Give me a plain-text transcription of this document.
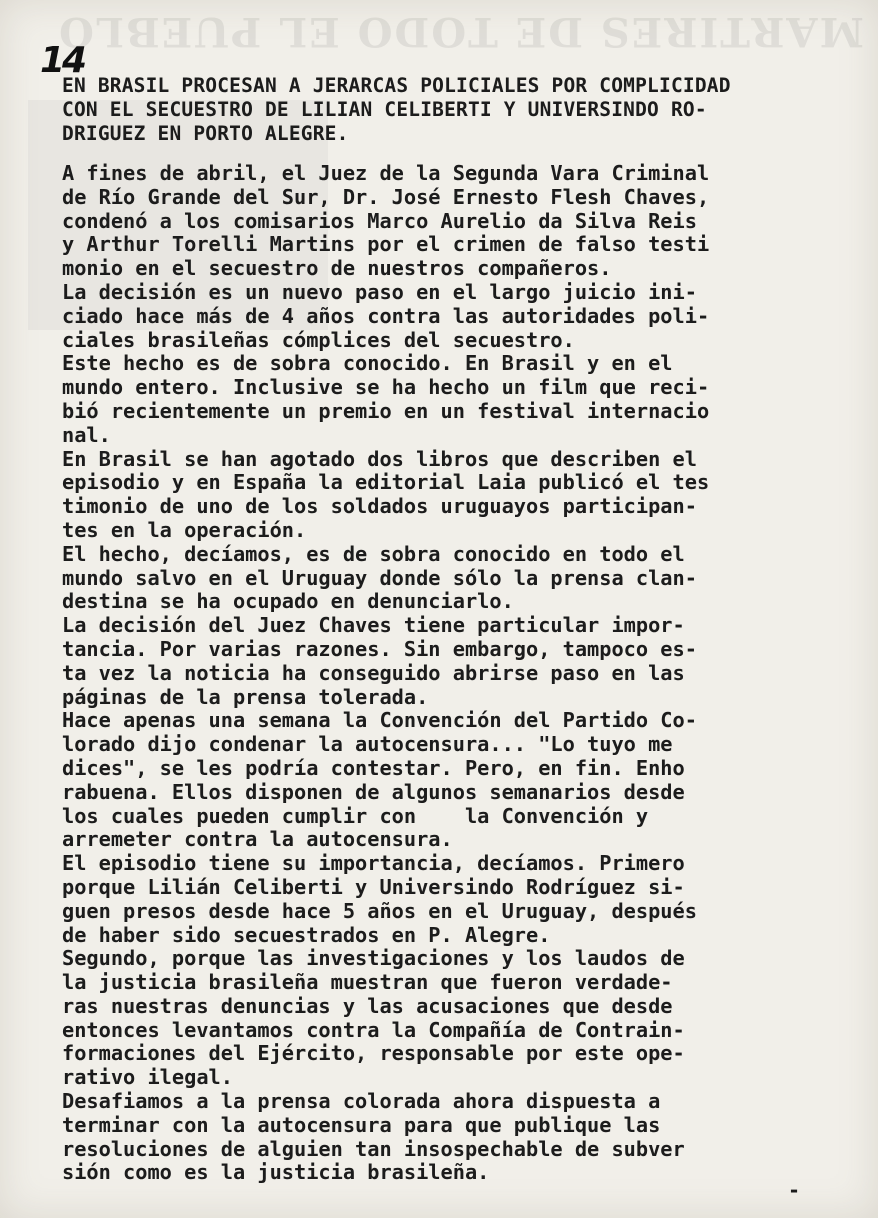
MARTIRES DE TODO EL PUEBLO
14
EN BRASIL PROCESAN A JERARCAS POLICIALES POR COMPLICIDAD
CON EL SECUESTRO DE LILIAN CELIBERTI Y UNIVERSINDO RO-
DRIGUEZ EN PORTO ALEGRE.
A fines de abril, el Juez de la Segunda Vara Criminal
de Río Grande del Sur, Dr. José Ernesto Flesh Chaves,
condenó a los comisarios Marco Aurelio da Silva Reis
y Arthur Torelli Martins por el crimen de falso testi
monio en el secuestro de nuestros compañeros.
La decisión es un nuevo paso en el largo juicio ini-
ciado hace más de 4 años contra las autoridades poli-
ciales brasileñas cómplices del secuestro.
Este hecho es de sobra conocido. En Brasil y en el
mundo entero. Inclusive se ha hecho un film que reci-
bió recientemente un premio en un festival internacio
nal.
En Brasil se han agotado dos libros que describen el
episodio y en España la editorial Laia publicó el tes
timonio de uno de los soldados uruguayos participan-
tes en la operación.
El hecho, decíamos, es de sobra conocido en todo el
mundo salvo en el Uruguay donde sólo la prensa clan-
destina se ha ocupado en denunciarlo.
La decisión del Juez Chaves tiene particular impor-
tancia. Por varias razones. Sin embargo, tampoco es-
ta vez la noticia ha conseguido abrirse paso en las
páginas de la prensa tolerada.
Hace apenas una semana la Convención del Partido Co-
lorado dijo condenar la autocensura... "Lo tuyo me
dices", se les podría contestar. Pero, en fin. Enho
rabuena. Ellos disponen de algunos semanarios desde
los cuales pueden cumplir con    la Convención y
arremeter contra la autocensura.
El episodio tiene su importancia, decíamos. Primero
porque Lilián Celiberti y Universindo Rodríguez si-
guen presos desde hace 5 años en el Uruguay, después
de haber sido secuestrados en P. Alegre.
Segundo, porque las investigaciones y los laudos de
la justicia brasileña muestran que fueron verdade-
ras nuestras denuncias y las acusaciones que desde
entonces levantamos contra la Compañía de Contrain-
formaciones del Ejército, responsable por este ope-
rativo ilegal.
Desafiamos a la prensa colorada ahora dispuesta a
terminar con la autocensura para que publique las
resoluciones de alguien tan insospechable de subver
sión como es la justicia brasileña.
-
